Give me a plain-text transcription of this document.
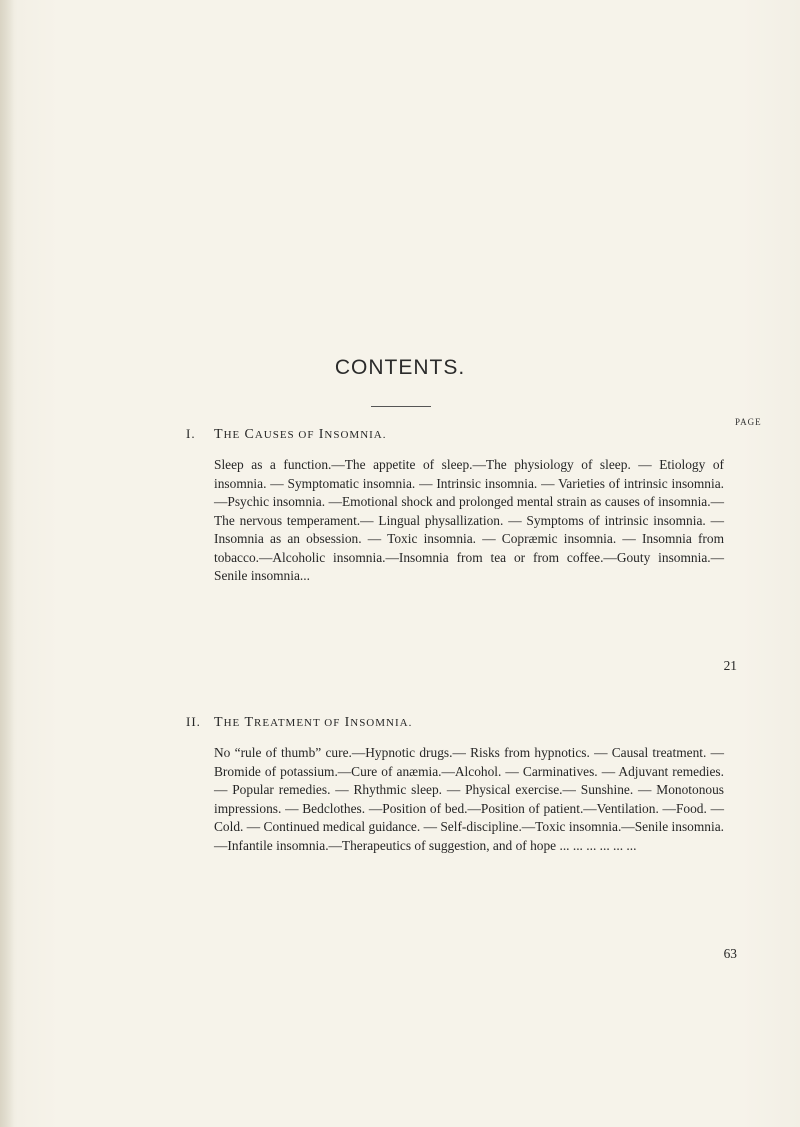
CONTENTS.
PAGE
I. THE CAUSES OF INSOMNIA.

Sleep as a function.—The appetite of sleep.—The physiology of sleep. — Etiology of insomnia. — Symptomatic insomnia. — Intrinsic insomnia. — Varieties of intrinsic insomnia.—Psychic insomnia. —Emotional shock and prolonged mental strain as causes of insomnia.—The nervous temperament.— Lingual physallization. — Symptoms of intrinsic insomnia. — Insomnia as an obsession. — Toxic insomnia. — Copræmic insomnia. — Insomnia from tobacco.—Alcoholic insomnia.—Insomnia from tea or from coffee.—Gouty insomnia.—Senile insomnia...

21
II. THE TREATMENT OF INSOMNIA.

No “rule of thumb” cure.—Hypnotic drugs.— Risks from hypnotics. — Causal treatment. — Bromide of potassium.—Cure of anæmia.—Alcohol. — Carminatives. — Adjuvant remedies. — Popular remedies. — Rhythmic sleep. — Physical exercise.— Sunshine. — Monotonous impressions. — Bedclothes. —Position of bed.—Position of patient.—Ventilation. —Food. — Cold. — Continued medical guidance. — Self-discipline.—Toxic insomnia.—Senile insomnia. —Infantile insomnia.—Therapeutics of suggestion, and of hope ... ... ... ... ... ...

63
